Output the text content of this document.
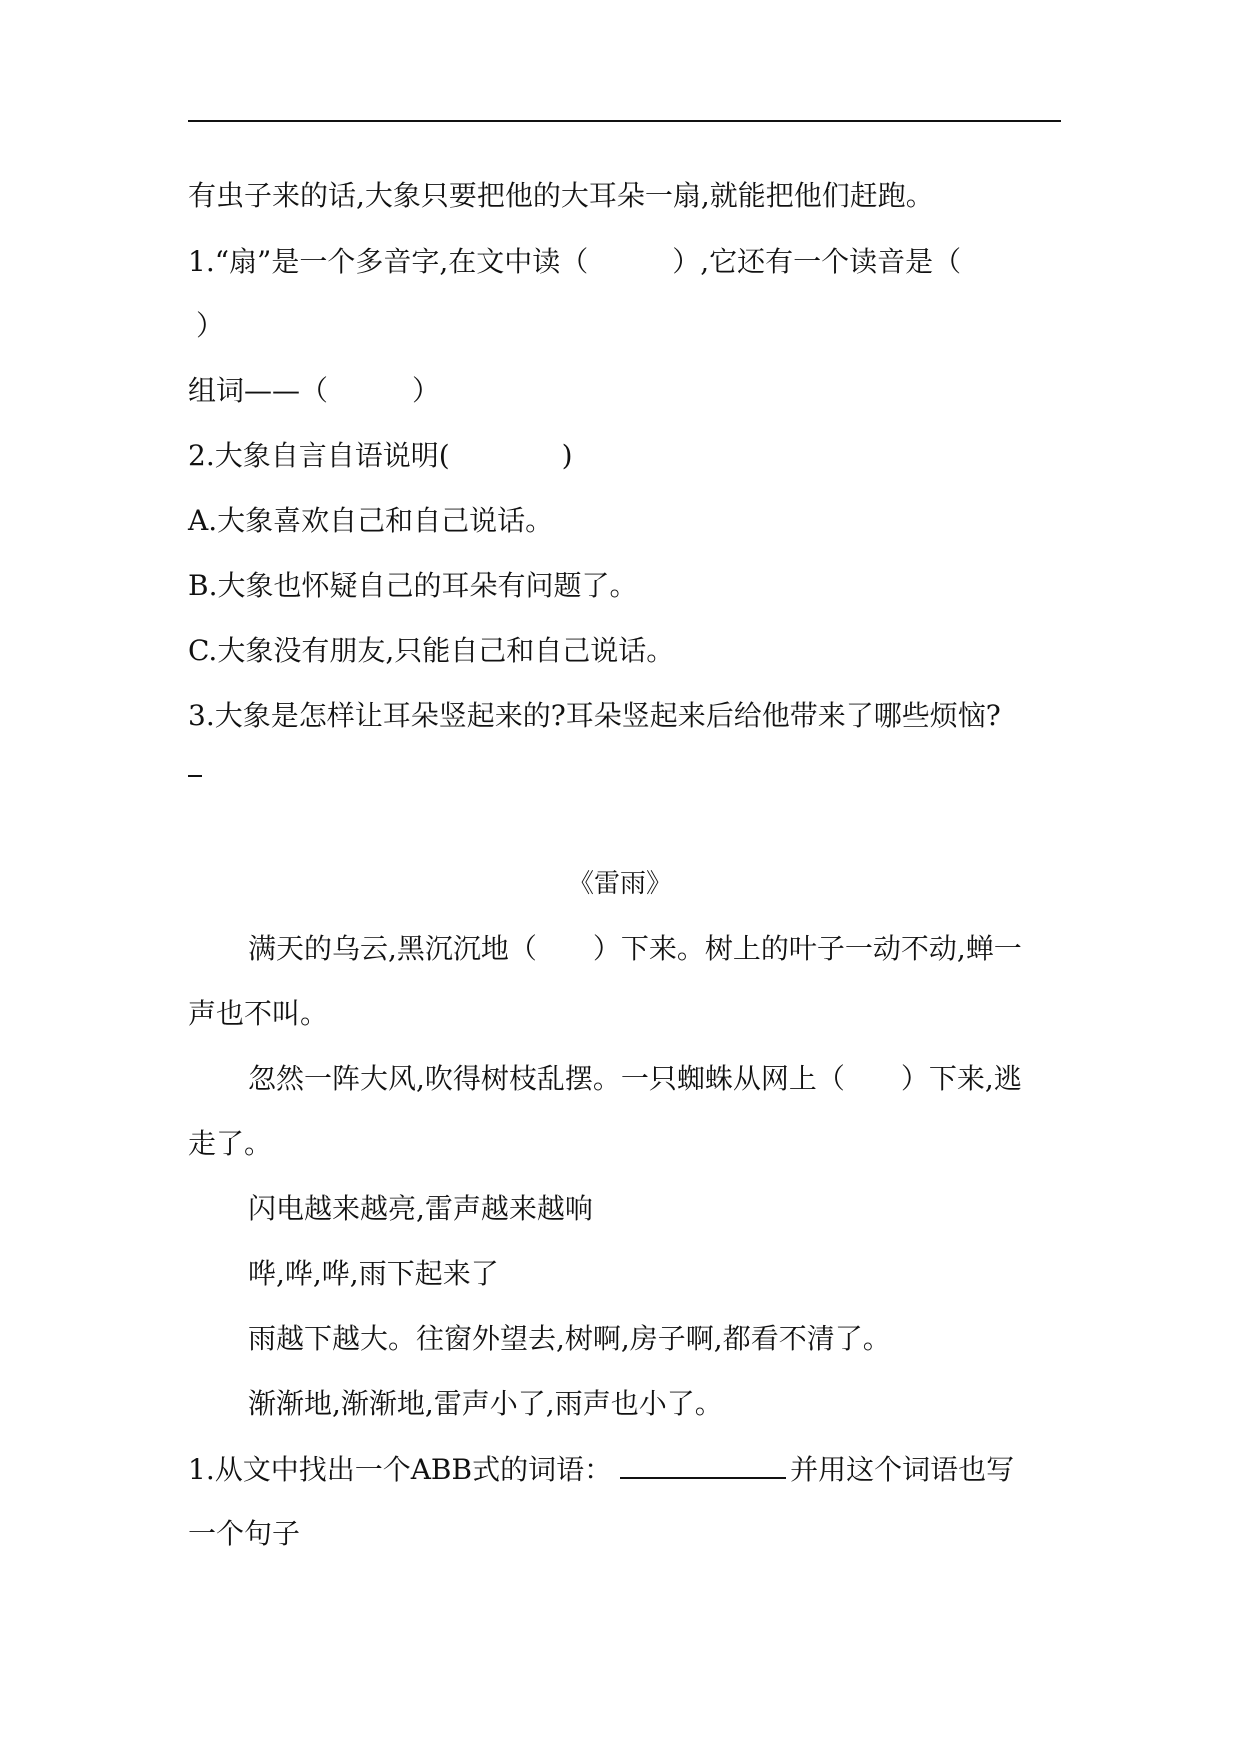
有虫子来的话,大象只要把他的大耳朵一扇,就能把他们赶跑。
1.“扇”是一个多音字,在文中读（　　　）,它还有一个读音是（
）
组词——（　　　）
2.大象自言自语说明(　　　　)
A.大象喜欢自己和自己说话。
B.大象也怀疑自己的耳朵有问题了。
C.大象没有朋友,只能自己和自己说话。
3.大象是怎样让耳朵竖起来的?耳朵竖起来后给他带来了哪些烦恼?
《雷雨》
满天的乌云,黑沉沉地（　　）下来。树上的叶子一动不动,蝉一
声也不叫。
忽然一阵大风,吹得树枝乱摆。一只蜘蛛从网上（　　）下来,逃
走了。
闪电越来越亮,雷声越来越响
哗,哗,哗,雨下起来了
雨越下越大。往窗外望去,树啊,房子啊,都看不清了。
渐渐地,渐渐地,雷声小了,雨声也小了。
1.从文中找出一个ABB式的词语：	并用这个词语也写
一个句子
